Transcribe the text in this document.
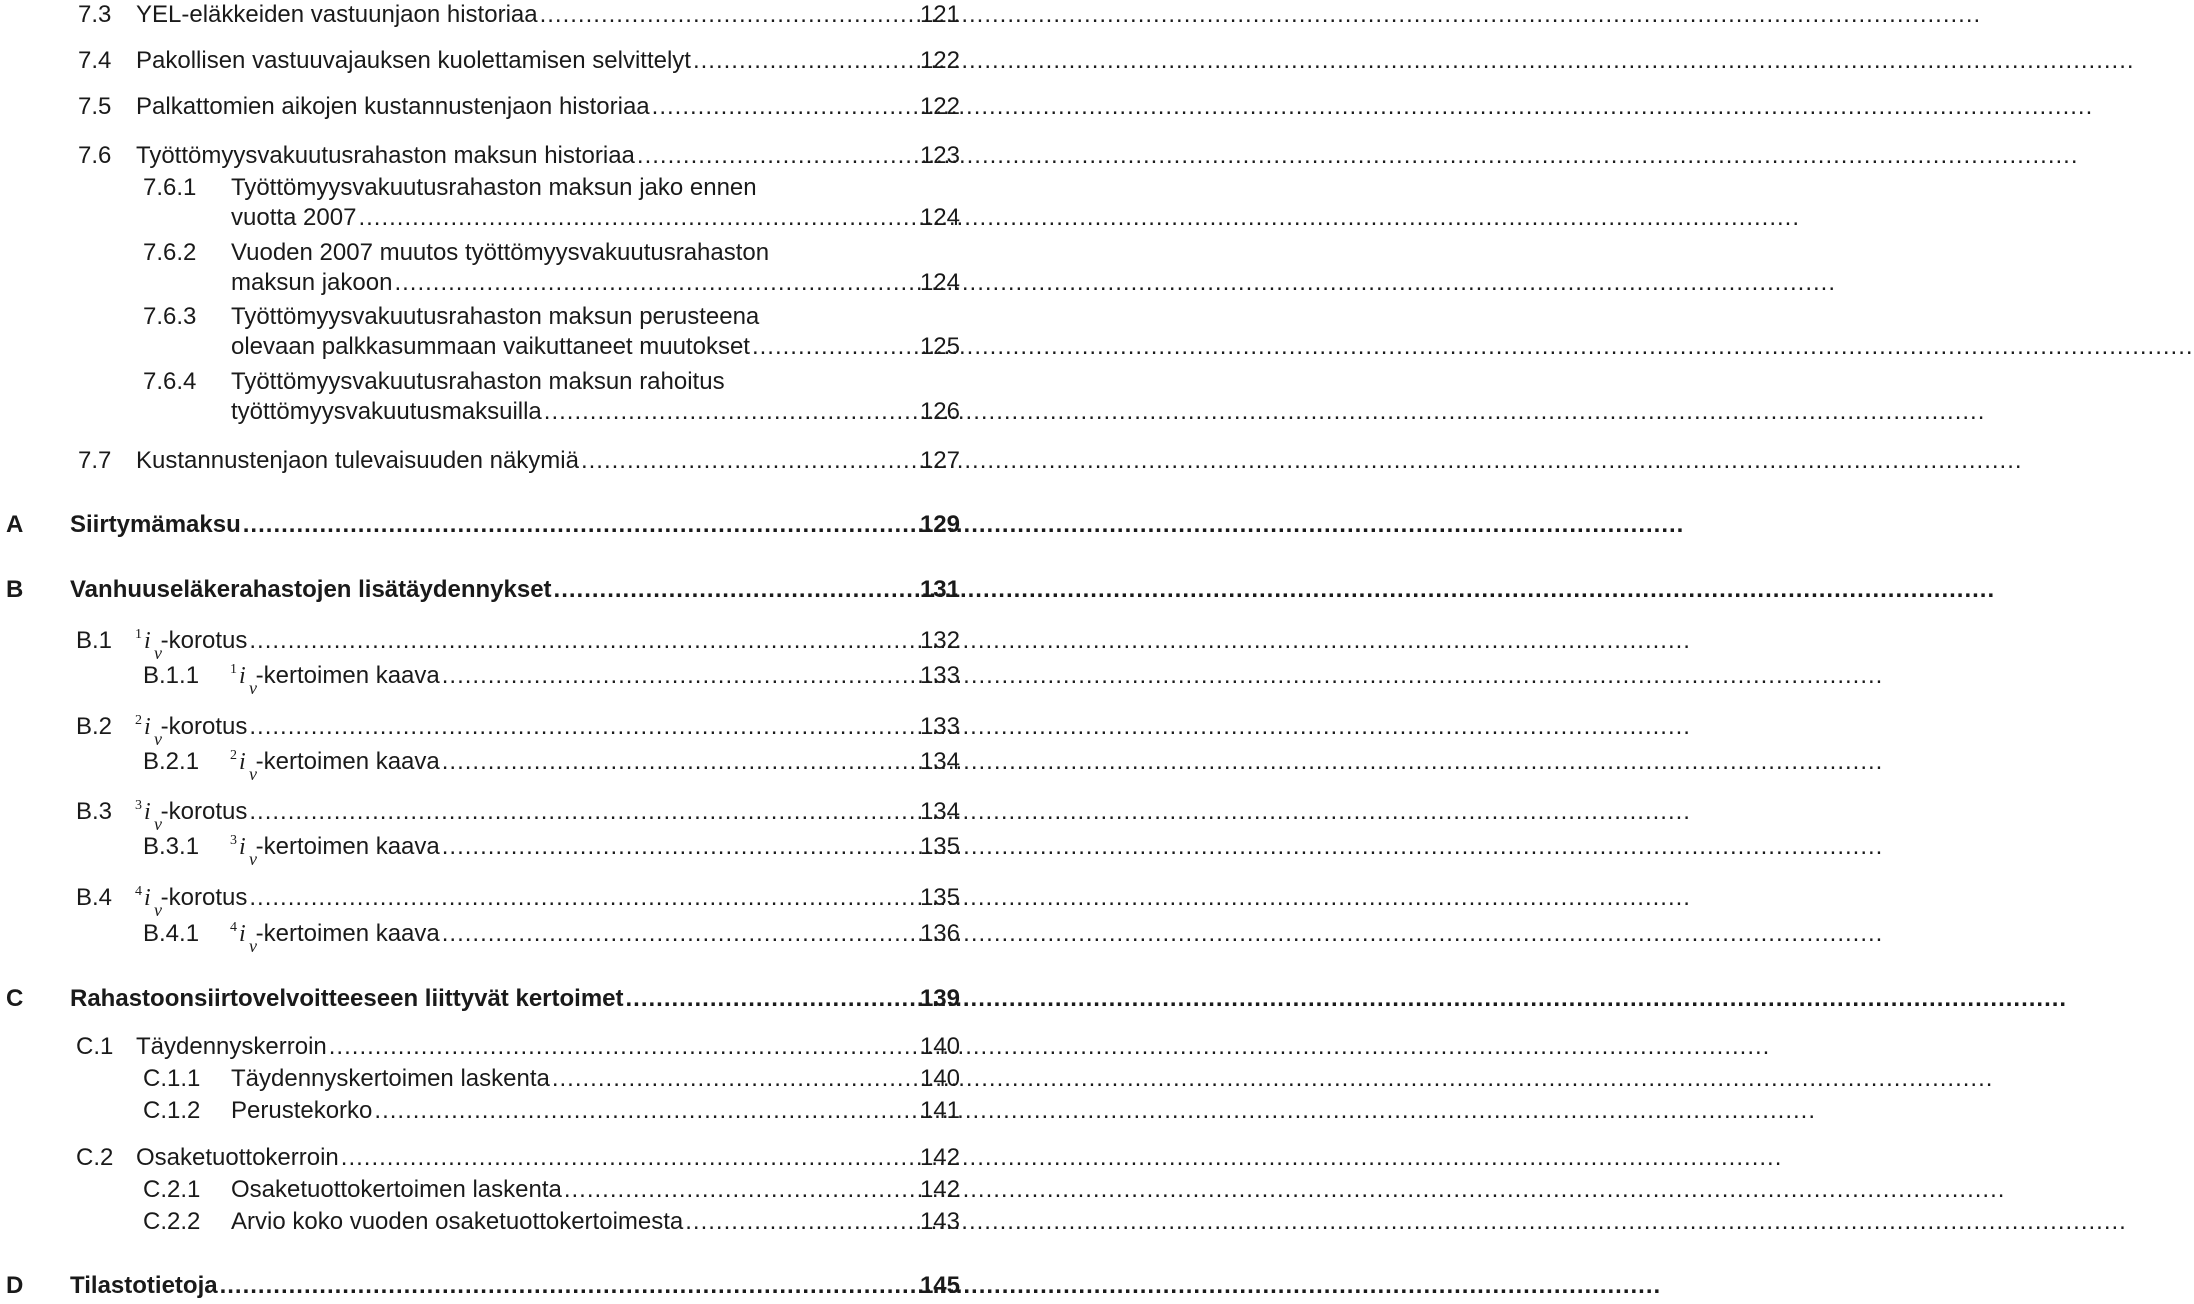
7.3 YEL-eläkkeiden vastuunjaon historiaa .....	121
7.4 Pakollisen vastuuvajauksen kuolettamisen selvittelyt .....	122
7.5 Palkattomien aikojen kustannustenjaon historiaa .....	122
7.6 Työttömyysvakuutusrahaston maksun historiaa .....	123
7.6.1 Työttömyysvakuutusrahaston maksun jako ennen
vuotta 2007 .....	124
7.6.2 Vuoden 2007 muutos työttömyysvakuutusrahaston
maksun jakoon .....	124
7.6.3 Työttömyysvakuutusrahaston maksun perusteena
olevaan palkkasummaan vaikuttaneet muutokset .....	125
7.6.4 Työttömyysvakuutusrahaston maksun rahoitus
työttömyysvakuutusmaksuilla .....	126
7.7 Kustannustenjaon tulevaisuuden näkymiä .....	127
A Siirtymämaksu .....	129
B Vanhuuseläkerahastojen lisätäydennykset .....	131
B.1 1 i v
-korotus .....	132
B.1.1 1 i v
-kertoimen kaava .....	133
B.2 2 i v
-korotus .....	133
B.2.1 2 i v
-kertoimen kaava .....	134
B.3 3 i v
-korotus .....	134
B.3.1 3 i v
-kertoimen kaava .....	135
B.4 4 i v
-korotus .....	135
B.4.1 4 i v
-kertoimen kaava .....	136
C Rahastoonsiirtovelvoitteeseen liittyvät kertoimet .....	139
C.1 Täydennyskerroin .....	140
C.1.1 Täydennyskertoimen laskenta .....	140
C.1.2 Perustekorko .....	141
C.2 Osaketuottokerroin .....	142
C.2.1 Osaketuottokertoimen laskenta .....	142
C.2.2 Arvio koko vuoden osaketuottokertoimesta .....	143
D Tilastotietoja .....	145
